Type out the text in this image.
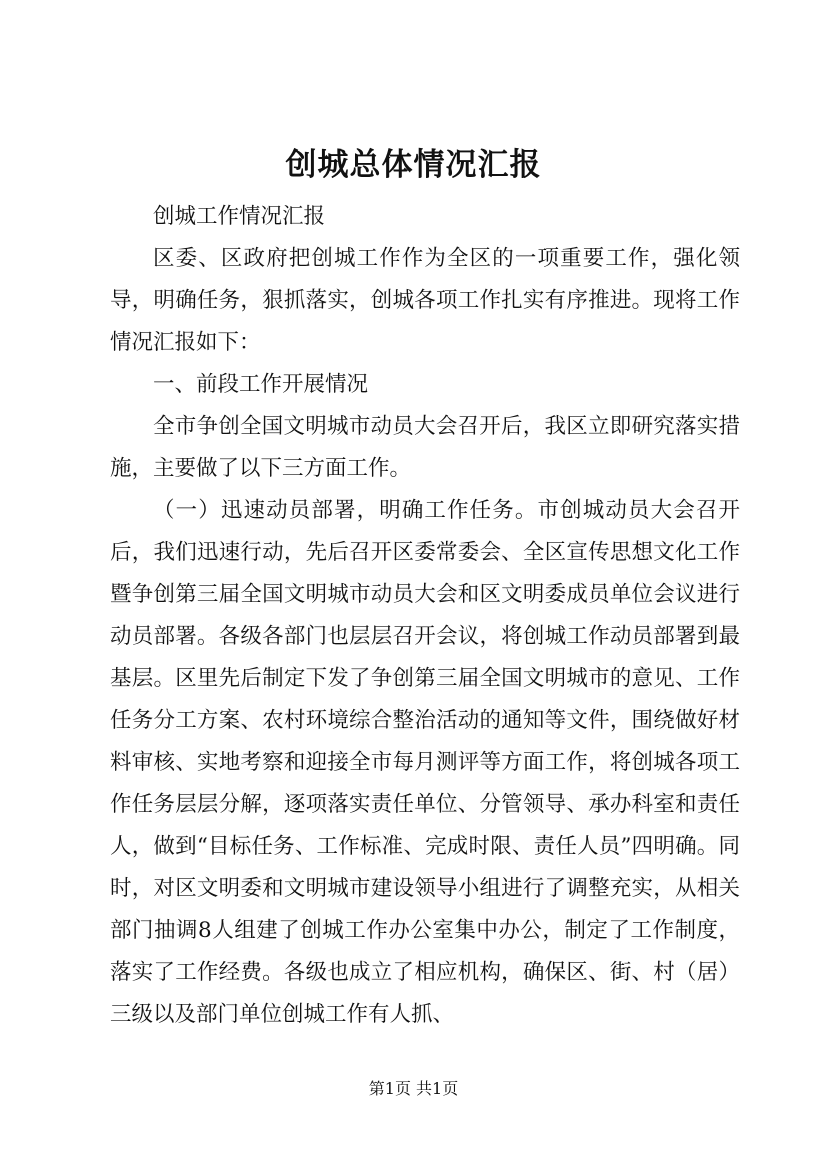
创城总体情况汇报

创城工作情况汇报

区委、区政府把创城工作作为全区的一项重要工作，强化领导，明确任务，狠抓落实，创城各项工作扎实有序推进。现将工作情况汇报如下：

一、前段工作开展情况

全市争创全国文明城市动员大会召开后，我区立即研究落实措施，主要做了以下三方面工作。

（一）迅速动员部署，明确工作任务。市创城动员大会召开后，我们迅速行动，先后召开区委常委会、全区宣传思想文化工作暨争创第三届全国文明城市动员大会和区文明委成员单位会议进行动员部署。各级各部门也层层召开会议，将创城工作动员部署到最基层。区里先后制定下发了争创第三届全国文明城市的意见、工作任务分工方案、农村环境综合整治活动的通知等文件，围绕做好材料审核、实地考察和迎接全市每月测评等方面工作，将创城各项工作任务层层分解，逐项落实责任单位、分管领导、承办科室和责任人，做到“目标任务、工作标准、完成时限、责任人员”四明确。同时，对区文明委和文明城市建设领导小组进行了调整充实，从相关部门抽调8人组建了创城工作办公室集中办公，制定了工作制度，落实了工作经费。各级也成立了相应机构，确保区、街、村（居）三级以及部门单位创城工作有人抓、

第1页 共1页
